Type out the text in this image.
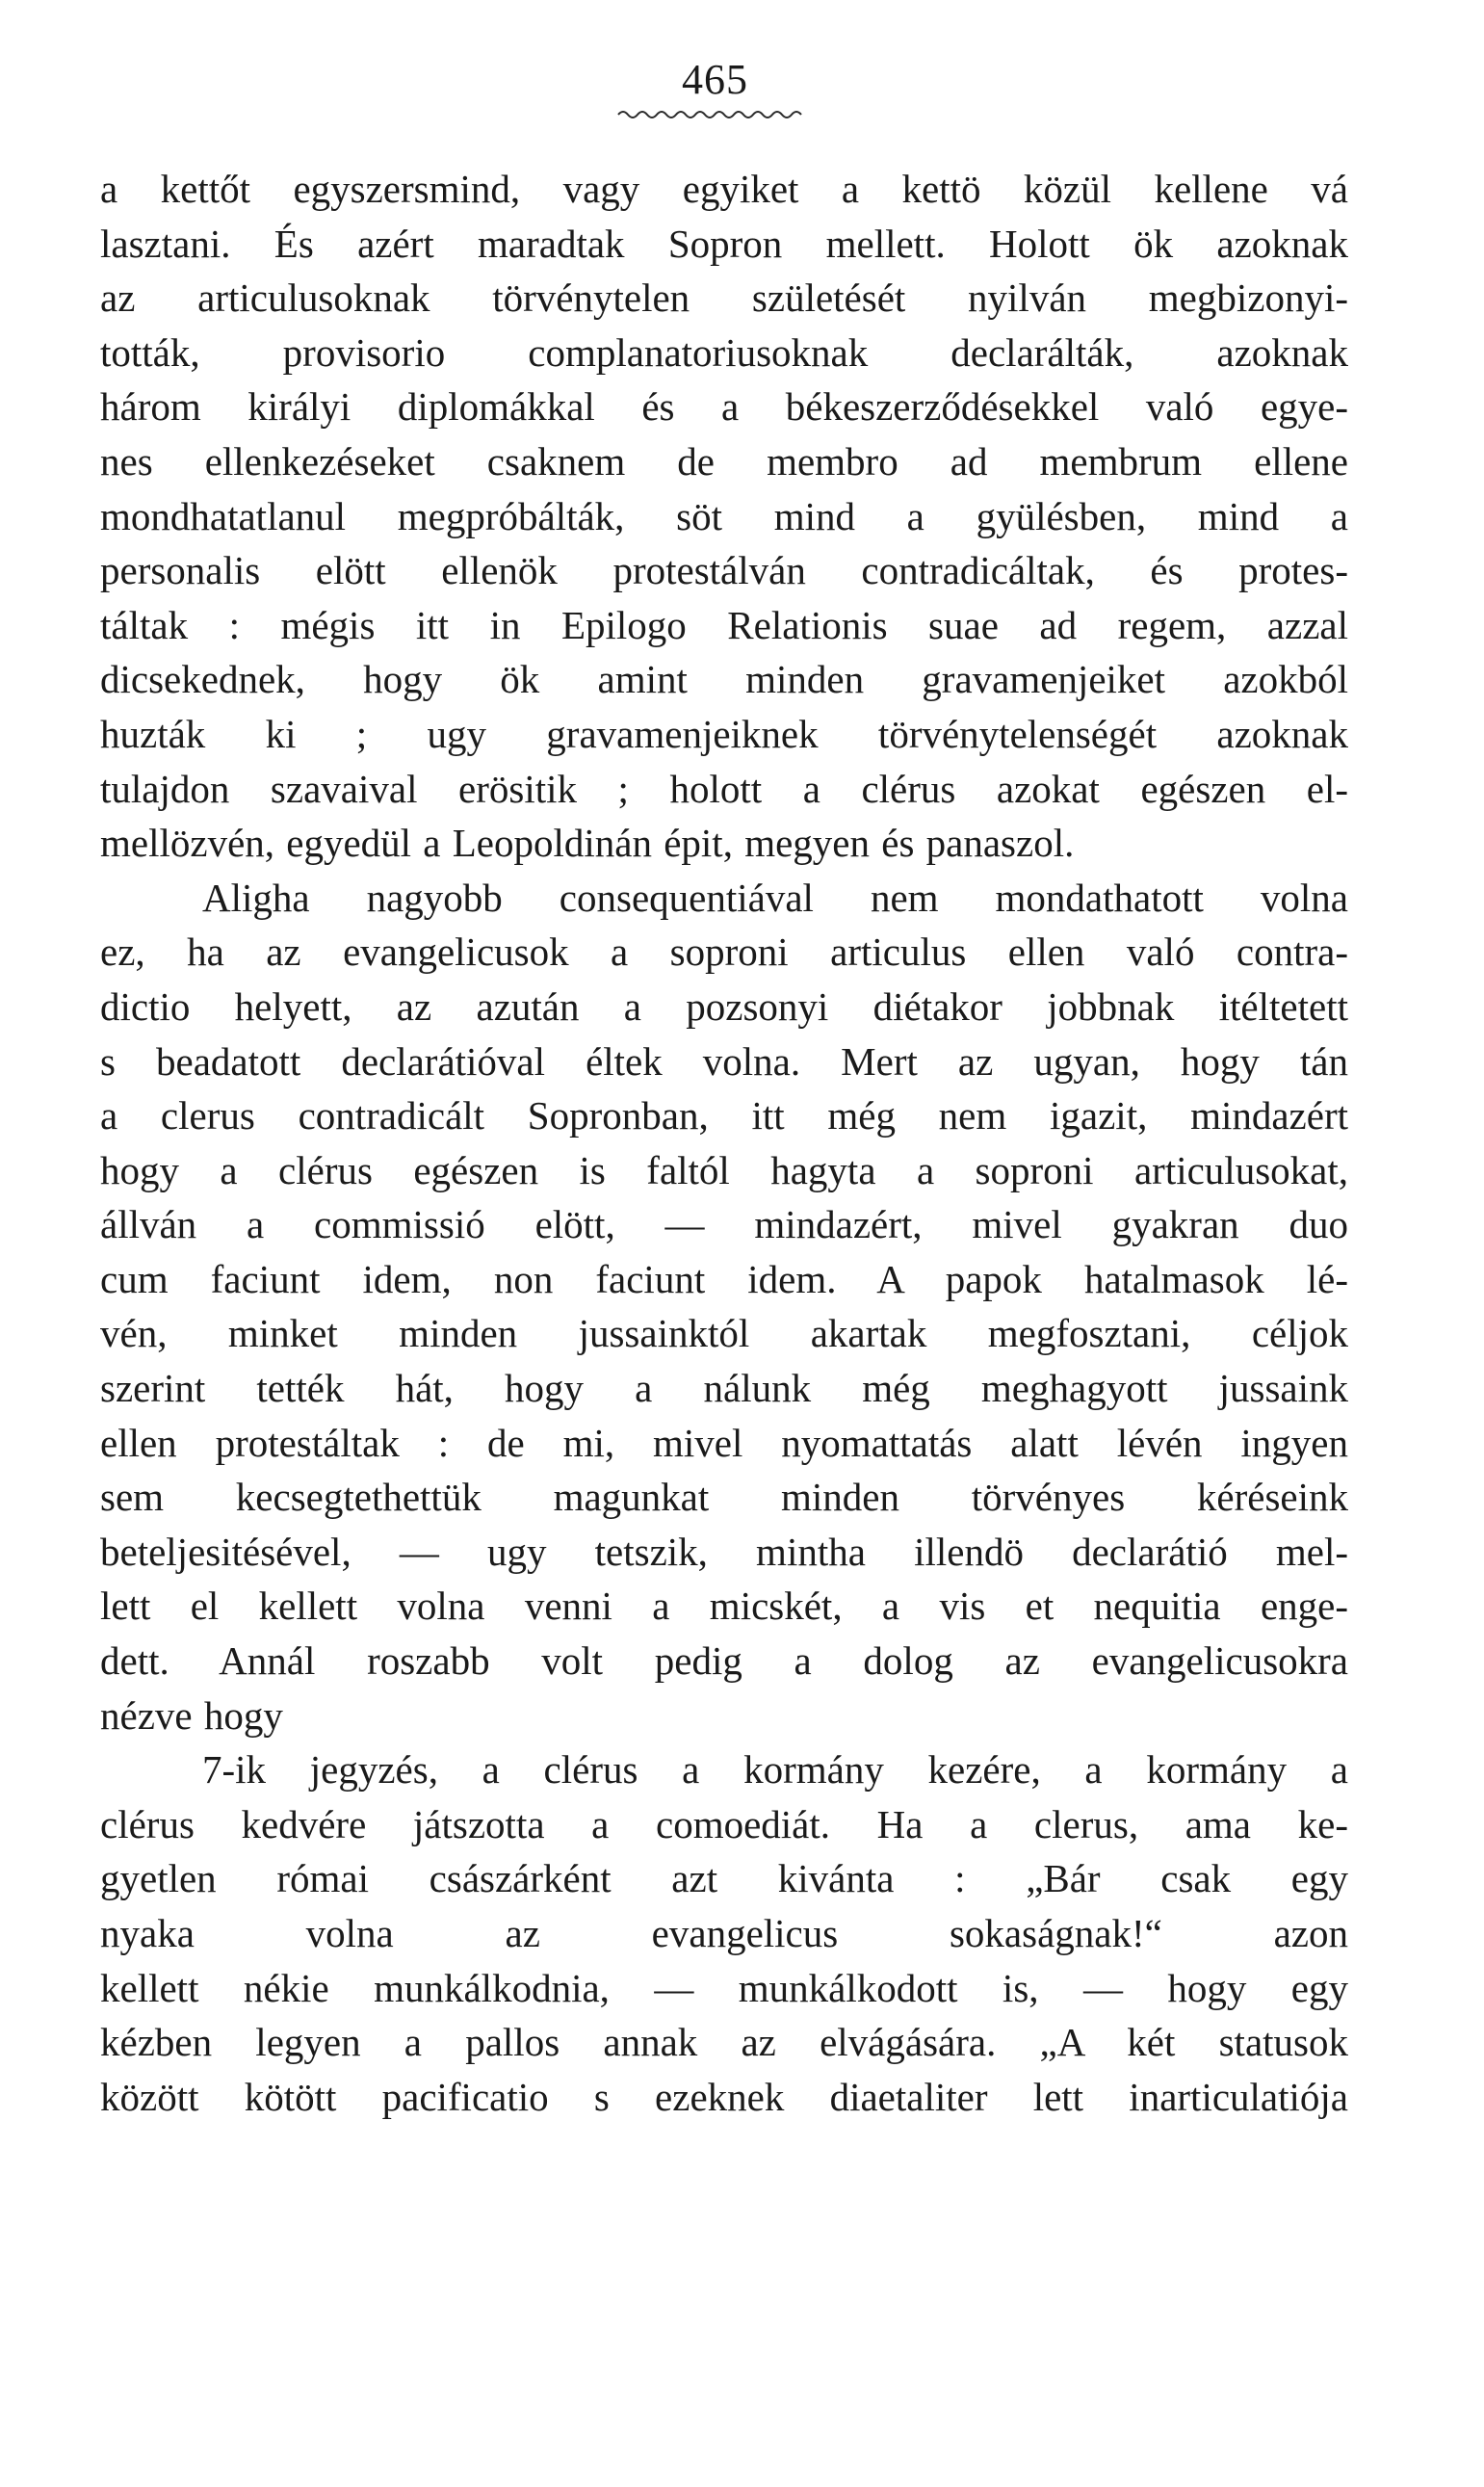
465
a kettőt egyszersmind, vagy egyiket a kettö közül kellene vá
lasztani. És azért maradtak Sopron mellett. Holott ök azoknak
az articulusoknak törvénytelen születését nyilván megbizonyi-
tották, provisorio complanatoriusoknak declarálták, azoknak
három királyi diplomákkal és a békeszerződésekkel való egye-
nes ellenkezéseket csaknem de membro ad membrum ellene
mondhatatlanul megpróbálták, söt mind a gyülésben, mind a
personalis elött ellenök protestálván contradicáltak, és protes-
táltak : mégis itt in Epilogo Relationis suae ad regem, azzal
dicsekednek, hogy ök amint minden gravamenjeiket azokból
huzták ki ; ugy gravamenjeiknek törvénytelenségét azoknak
tulajdon szavaival erösitik ; holott a clérus azokat egészen el-
mellözvén, egyedül a Leopoldinán épit, megyen és panaszol.
Aligha nagyobb consequentiával nem mondathatott volna
ez, ha az evangelicusok a soproni articulus ellen való contra-
dictio helyett, az azután a pozsonyi diétakor jobbnak itéltetett
s beadatott declarátióval éltek volna. Mert az ugyan, hogy tán
a clerus contradicált Sopronban, itt még nem igazit, mindazért
hogy a clérus egészen is faltól hagyta a soproni articulusokat,
állván a commissió elött, — mindazért, mivel gyakran duo
cum faciunt idem, non faciunt idem. A papok hatalmasok lé-
vén, minket minden jussainktól akartak megfosztani, céljok
szerint tették hát, hogy a nálunk még meghagyott jussaink
ellen protestáltak : de mi, mivel nyomattatás alatt lévén ingyen
sem kecsegtethettük magunkat minden törvényes kéréseink
beteljesitésével, — ugy tetszik, mintha illendö declarátió mel-
lett el kellett volna venni a micskét, a vis et nequitia enge-
dett. Annál roszabb volt pedig a dolog az evangelicusokra
nézve hogy
7-ik jegyzés, a clérus a kormány kezére, a kormány a
clérus kedvére játszotta a comoediát. Ha a clerus, ama ke-
gyetlen római császárként azt kivánta : „Bár csak egy
nyaka volna az evangelicus sokaságnak!“ azon
kellett nékie munkálkodnia, — munkálkodott is, — hogy egy
kézben legyen a pallos annak az elvágására. „A két statusok
között kötött pacificatio s ezeknek diaetaliter lett inarticulatiója
